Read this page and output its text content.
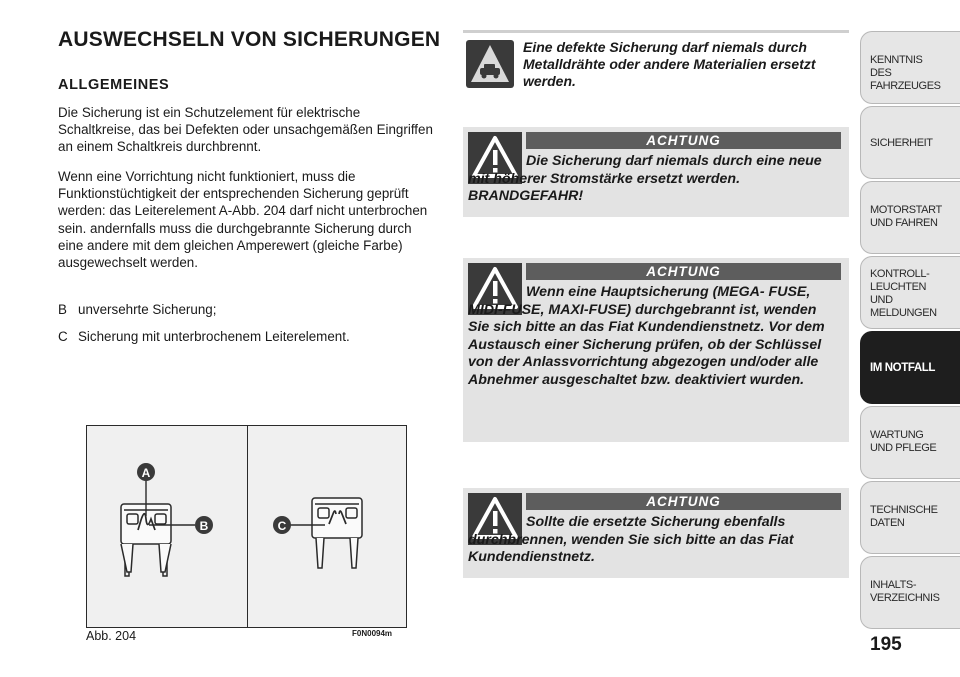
AUSWECHSELN VON SICHERUNGEN
ALLGEMEINES

Die Sicherung ist ein Schutzelement für elektrische Schaltkreise, das bei Defekten oder unsachgemäßen Eingriffen an einem Schaltkreis durchbrennt.

Wenn eine Vorrichtung nicht funktioniert, muss die Funktionstüchtigkeit der entsprechenden Sicherung geprüft werden: das Leiterelement A-Abb. 204 darf nicht unterbrochen sein. andernfalls muss die durchgebrannte Sicherung durch eine andere mit dem gleichen Amperewert (gleiche Farbe) ausgewechselt werden.

B unversehrte Sicherung;
C Sicherung mit unterbrochenem Leiterelement.
A
B	C
Abb. 204	F0N0094m
Eine defekte Sicherung darf niemals durch Metalldrähte oder andere Materialien ersetzt werden.
ACHTUNG
Die Sicherung darf niemals durch eine neue mit höherer Stromstärke ersetzt werden. BRANDGEFAHR!
ACHTUNG
Wenn eine Hauptsicherung (MEGA- FUSE, MIDI-FUSE, MAXI-FUSE) durchgebrannt ist, wenden Sie sich bitte an das Fiat Kundendienstnetz. Vor dem Austausch einer Sicherung prüfen, ob der Schlüssel von der Anlassvorrichtung abgezogen und/oder alle Abnehmer ausgeschaltet bzw. deaktiviert wurden.
ACHTUNG
Sollte die ersetzte Sicherung ebenfalls durchbrennen, wenden Sie sich bitte an das Fiat Kundendienstnetz.
KENNTNIS
DES FAHRZEUGES
SICHERHEIT
MOTORSTART
UND FAHREN
KONTROLL-
LEUCHTEN
UND MELDUNGEN
IM NOTFALL
WARTUNG
UND PFLEGE
TECHNISCHE
DATEN
INHALTS-
VERZEICHNIS
195
